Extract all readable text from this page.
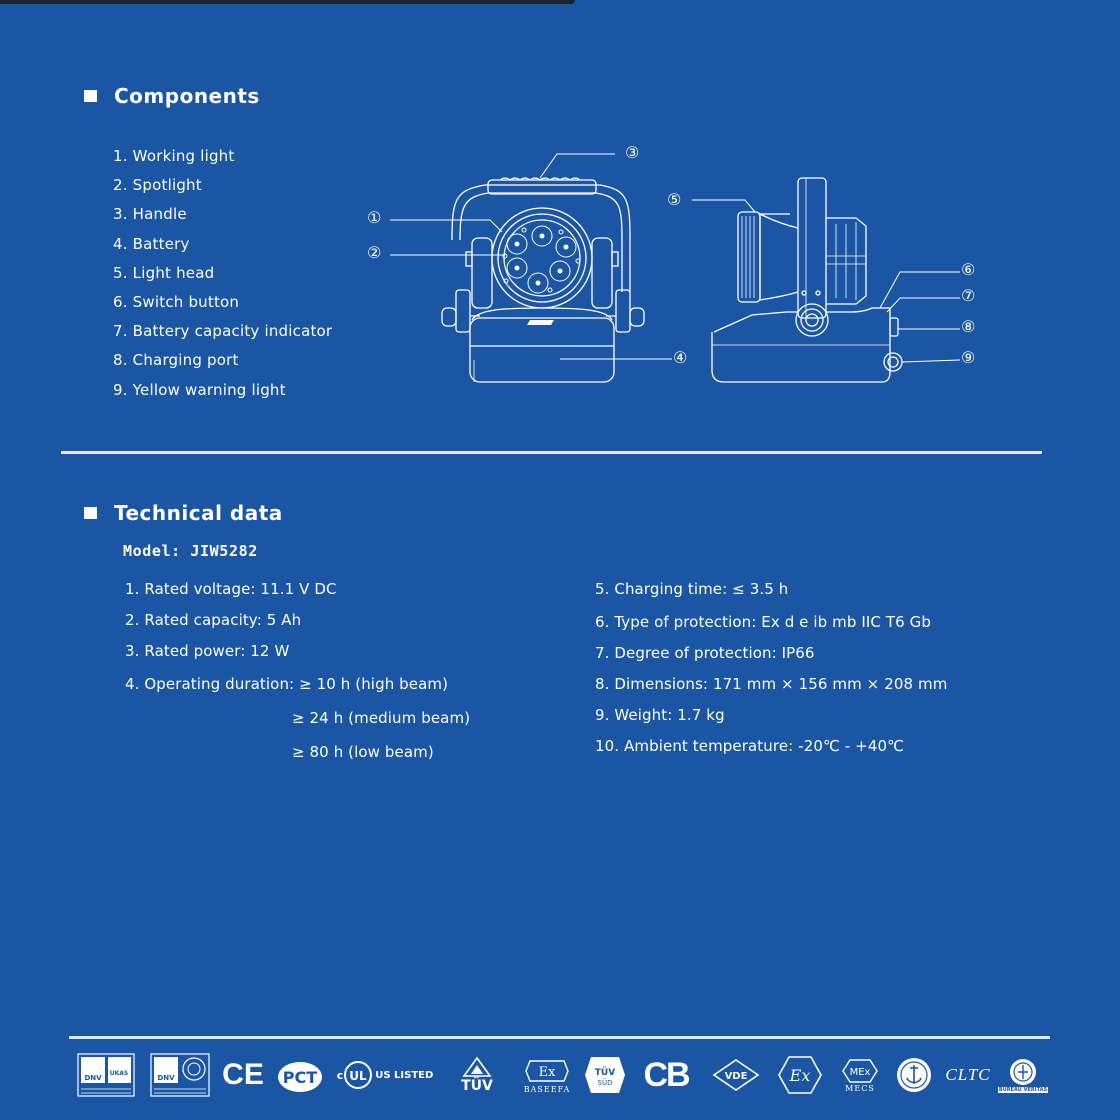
Components
1. Working light
2. Spotlight
3. Handle
4. Battery
5. Light head
6. Switch button
7. Battery capacity indicator
8. Charging port
9. Yellow warning light
①
②
③
④
⑤
⑥
⑦
⑧
⑨
Technical data
Model: JIW5282
1. Rated voltage: 11.1 V DC
2. Rated capacity: 5 Ah
3. Rated power: 12 W
4. Operating duration: ≥ 10 h (high beam)
≥ 24 h (medium beam)
≥ 80 h (low beam)
5. Charging time: ≤ 3.5 h
6. Type of protection: Ex d e ib mb IIC T6 Gb
7. Degree of protection: IP66
8. Dimensions: 171 mm × 156 mm × 208 mm
9. Weight: 1.7 kg
10. Ambient temperature: -20℃ - +40℃
DNV
UKAS
DNV CE PCT c UL US LISTED
TÜV
Ex
BASEEFA
TÜV
SÜD CB	VDE	Ex	MEx
MECS
CLTC
BUREAU VERITAS
